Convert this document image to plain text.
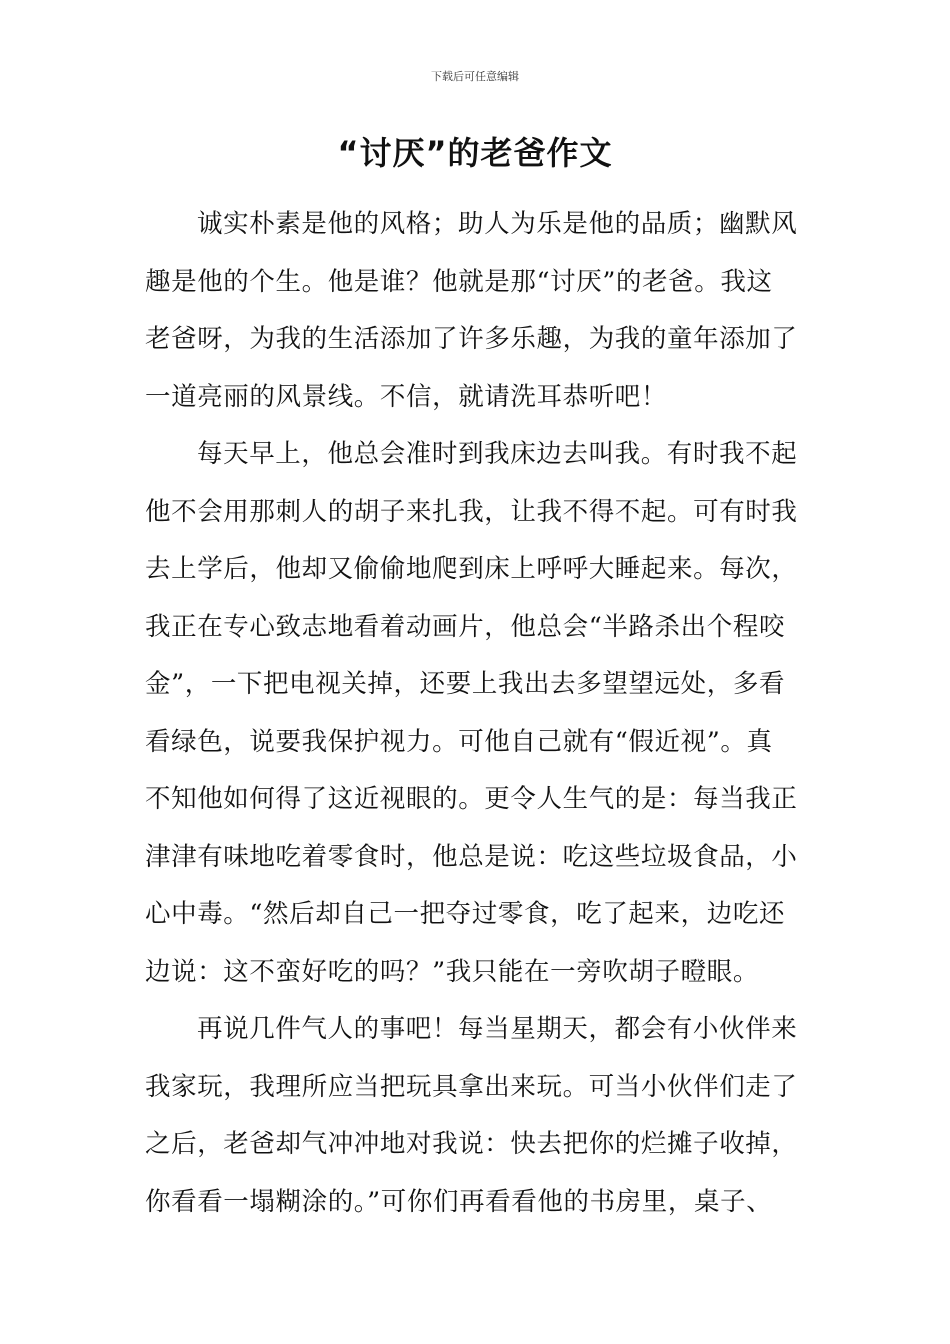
下载后可任意编辑
“讨厌”的老爸作文
诚实朴素是他的风格；助人为乐是他的品质；幽默风
趣是他的个生。他是谁？他就是那“讨厌”的老爸。我这
老爸呀，为我的生活添加了许多乐趣，为我的童年添加了
一道亮丽的风景线。不信，就请洗耳恭听吧！
每天早上，他总会准时到我床边去叫我。有时我不起
他不会用那刺人的胡子来扎我，让我不得不起。可有时我
去上学后，他却又偷偷地爬到床上呼呼大睡起来。每次，
我正在专心致志地看着动画片，他总会“半路杀出个程咬
金”，一下把电视关掉，还要上我出去多望望远处，多看
看绿色，说要我保护视力。可他自己就有“假近视”。真
不知他如何得了这近视眼的。更令人生气的是：每当我正
津津有味地吃着零食时，他总是说：吃这些垃圾食品，小
心中毒。“然后却自己一把夺过零食，吃了起来，边吃还
边说：这不蛮好吃的吗？”我只能在一旁吹胡子瞪眼。
再说几件气人的事吧！每当星期天，都会有小伙伴来
我家玩，我理所应当把玩具拿出来玩。可当小伙伴们走了
之后，老爸却气冲冲地对我说：快去把你的烂摊子收掉，
你看看一塌糊涂的。”可你们再看看他的书房里，桌子、
